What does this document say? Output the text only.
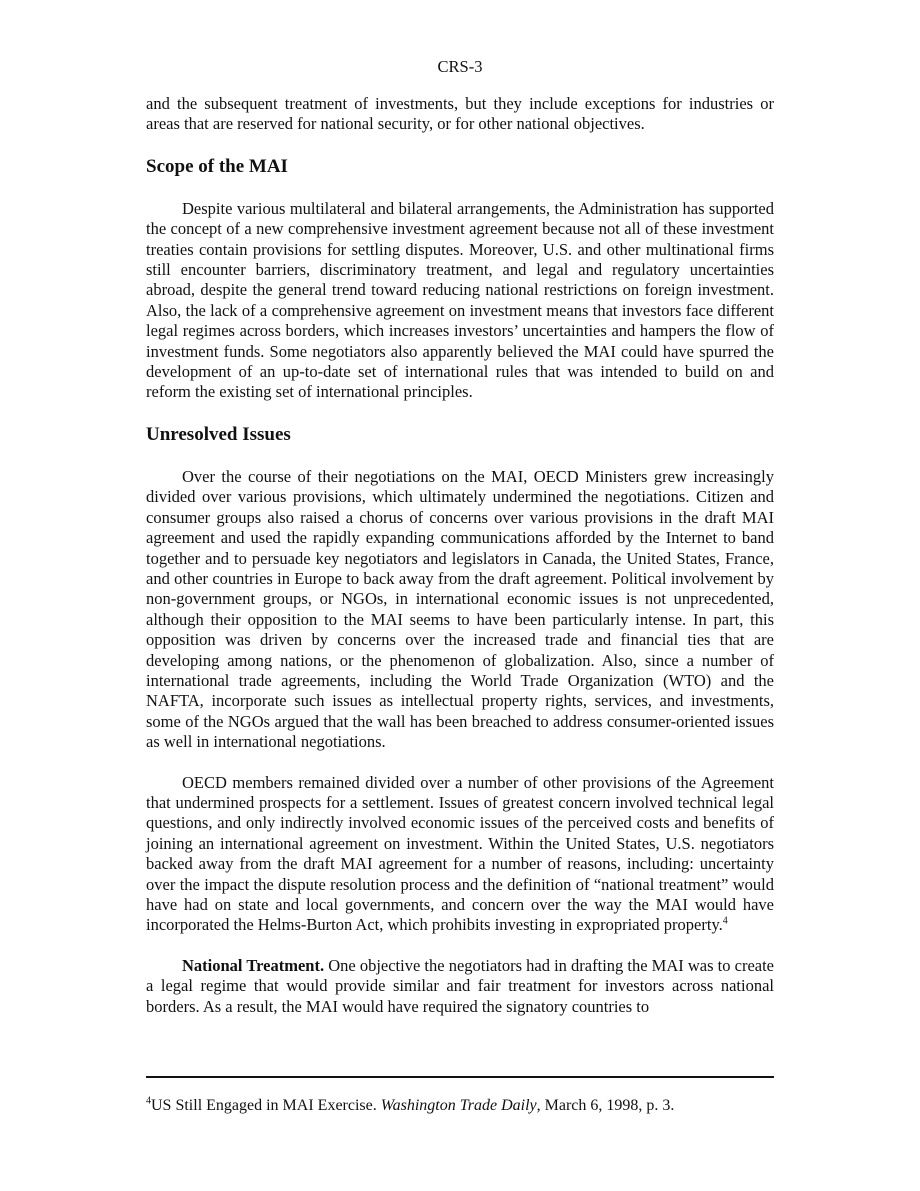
CRS-3

and the subsequent treatment of investments, but they include exceptions for industries or areas that are reserved for national security, or for other national objectives.

Scope of the MAI

Despite various multilateral and bilateral arrangements, the Administration has supported the concept of a new comprehensive investment agreement because not all of these investment treaties contain provisions for settling disputes. Moreover, U.S. and other multinational firms still encounter barriers, discriminatory treatment, and legal and regulatory uncertainties abroad, despite the general trend toward reducing national restrictions on foreign investment. Also, the lack of a comprehensive agreement on investment means that investors face different legal regimes across borders, which increases investors’ uncertainties and hampers the flow of investment funds. Some negotiators also apparently believed the MAI could have spurred the development of an up-to-date set of international rules that was intended to build on and reform the existing set of international principles.

Unresolved Issues

Over the course of their negotiations on the MAI, OECD Ministers grew increasingly divided over various provisions, which ultimately undermined the negotiations. Citizen and consumer groups also raised a chorus of concerns over various provisions in the draft MAI agreement and used the rapidly expanding communications afforded by the Internet to band together and to persuade key negotiators and legislators in Canada, the United States, France, and other countries in Europe to back away from the draft agreement. Political involvement by non-government groups, or NGOs, in international economic issues is not unprecedented, although their opposition to the MAI seems to have been particularly intense. In part, this opposition was driven by concerns over the increased trade and financial ties that are developing among nations, or the phenomenon of globalization. Also, since a number of international trade agreements, including the World Trade Organization (WTO) and the NAFTA, incorporate such issues as intellectual property rights, services, and investments, some of the NGOs argued that the wall has been breached to address consumer-oriented issues as well in international negotiations.

OECD members remained divided over a number of other provisions of the Agreement that undermined prospects for a settlement. Issues of greatest concern involved technical legal questions, and only indirectly involved economic issues of the perceived costs and benefits of joining an international agreement on investment. Within the United States, U.S. negotiators backed away from the draft MAI agreement for a number of reasons, including: uncertainty over the impact the dispute resolution process and the definition of “national treatment” would have had on state and local governments, and concern over the way the MAI would have incorporated the Helms-Burton Act, which prohibits investing in expropriated property.$^4$

National Treatment. One objective the negotiators had in drafting the MAI was to create a legal regime that would provide similar and fair treatment for investors across national borders. As a result, the MAI would have required the signatory countries to

$^4$US Still Engaged in MAI Exercise. Washington Trade Daily, March 6, 1998, p. 3.
